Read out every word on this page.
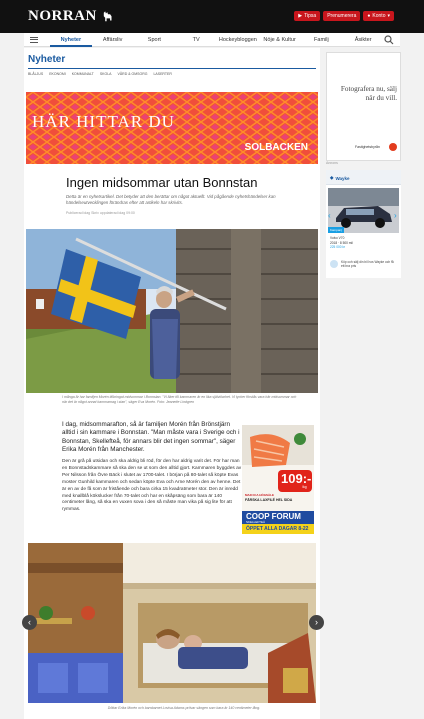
NORRAN	▶ Tipsa Prenumerera ● Konto ▾
Nyheter	Affärsliv	Sport	TV	Hockeybloggen	Nöje & Kultur	Familj	Åsikter
Nyheter
BLÅLJUS EKONOMI KOMMUNALT SKOLA VÅRD & OMSORG LASERTER
HÄR HITTAR DU
SOLBACKEN
Ingen midsommar utan Bonnstan
Detta är en nyhetsartikel. Det betyder att den berättar om något aktuellt. Vid pågående nyhetshändelser kan händelseutvecklingen förändras efter att artikeln har skrivits.
Publicerad idag Skriv uppdaterad idag 09:00
I många år har familjen Morén tillbringat midsommar i Bonnstan. "Vi åker till kammaren är en lika självklarhet. Vi tycker förstås vara här midsommar och när det är något annat kammarnag i stan", säger Eva Morén. Foto: Jeanette Lindgren
I dag, midsommarafton, så är familjen Morén från Brönstjärn alltid i sin kammare i Bonnstan. "Man måste vara i Sverige och i Bonnstan, Skellefteå, för annars blir det ingen sommar", säger Erika Morén från Manchester.
Den är grå på utsidan och ska aldrig bli röd, för den har aldrig varit det. För har man en Bonnstadskammare så ska den se ut som den alltid gjort. Kammaren byggdes av Per Nilsson från Övre Bäck i slutet av 1700-talet. I början på 80-talet så köpte Evas moster Gunhild kammaren och sedan köpte Eva och Arne Morén den av henne. Det är en av de få som är fristående och bara cirka 15 kvadratmeter stor. Den är inredd med knallblå kökslucker från 70-talet och har en skåpsäng som bara är 140 centimeter lång, så ska en vuxen sova i den så måste man vika på sig lite för att rymmas.
MAXI ICA HÖGSÄLE
FÄRSKA LAXFILÉ HEL SIDA
109:-
/kg
COOP FORUM
SKELLEFTEÅ
ÖPPET ALLA DAGAR 8-22
‹	›
Döttar Erika Morén och barnbarnet Lovisa Adams prövar sängen som bara är 140 centimeter lång.
Fotografera nu, sälj när du vill.
Fastighetsbyrån
Annons
◆ Wayke
Kampanj
‹	›
Volvo V70
2018 · 8 500 mil
225 000 kr
Köp och sälj din bil hos Wayke och få ett bra pris
